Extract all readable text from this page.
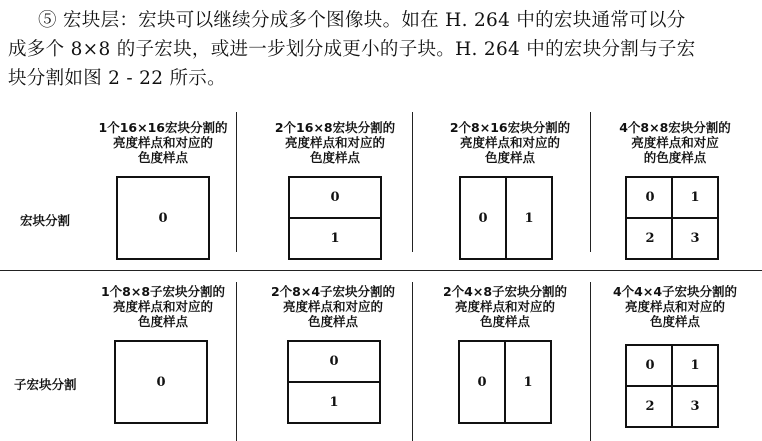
⑤ 宏块层：宏块可以继续分成多个图像块。如在 H. 264 中的宏块通常可以分
成多个 8×8 的子宏块，或进一步划分成更小的子块。H. 264 中的宏块分割与子宏
块分割如图 2 - 22 所示。
宏块分割
1个16×16宏块分割的
亮度样点和对应的
色度样点
0
2个16×8宏块分割的
亮度样点和对应的
色度样点
0
1
2个8×16宏块分割的
亮度样点和对应的
色度样点
0	1
4个8×8宏块分割的
亮度样点和对应
的色度样点
0	1
2	3
子宏块分割
1个8×8子宏块分割的
亮度样点和对应的
色度样点
0
2个8×4子宏块分割的
亮度样点和对应的
色度样点
0
1
2个4×8子宏块分割的
亮度样点和对应的
色度样点
0	1
4个4×4子宏块分割的
亮度样点和对应的
色度样点
0	1
2	3
